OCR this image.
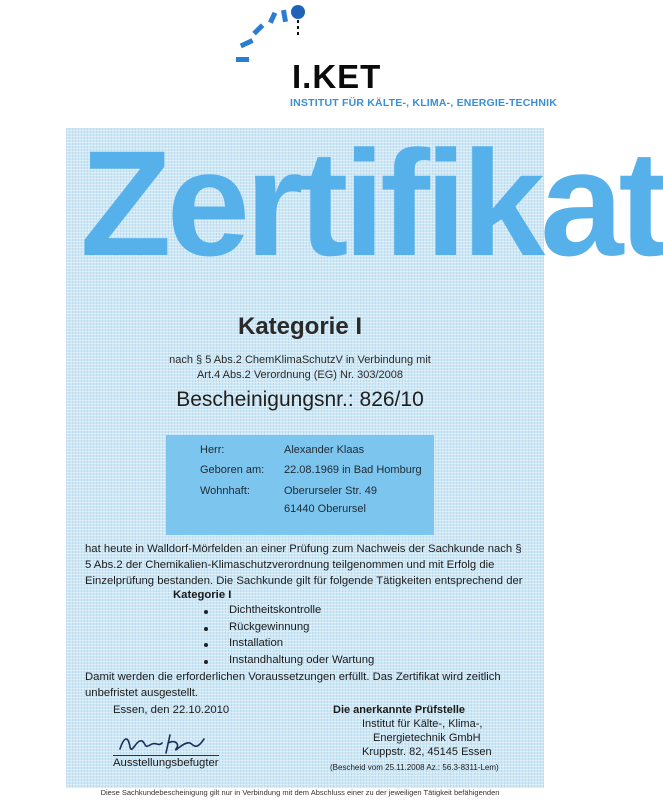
I.KET
INSTITUT FÜR KÄLTE-, KLIMA-, ENERGIE-TECHNIK
Zertifikat
Kategorie I
nach § 5 Abs.2 ChemKlimaSchutzV in Verbindung mit
Art.4 Abs.2 Verordnung (EG) Nr. 303/2008
Bescheinigungsnr.: 826/10
Herr:	Alexander Klaas
Geboren am: 22.08.1969 in Bad Homburg
Wohnhaft:	Oberurseler Str. 49
61440 Oberursel
hat heute in Walldorf-Mörfelden an einer Prüfung zum Nachweis der Sachkunde nach §
5 Abs.2 der Chemikalien-Klimaschutzverordnung teilgenommen und mit Erfolg die
Einzelprüfung bestanden. Die Sachkunde gilt für folgende Tätigkeiten entsprechend der
Kategorie I
Dichtheitskontrolle
Rückgewinnung
Installation
Instandhaltung oder Wartung
Damit werden die erforderlichen Voraussetzungen erfüllt. Das Zertifikat wird zeitlich
unbefristet ausgestellt.
Essen, den 22.10.2010
Ausstellungsbefugter
Die anerkannte Prüfstelle
Institut für Kälte-, Klima-,
Energietechnik GmbH
Kruppstr. 82, 45145 Essen
(Bescheid vom 25.11.2008 Az.: 56.3-8311-Lem)
Diese Sachkundebescheinigung gilt nur in Verbindung mit dem Abschluss einer zu der jeweiligen Tätigkeit befähigenden
